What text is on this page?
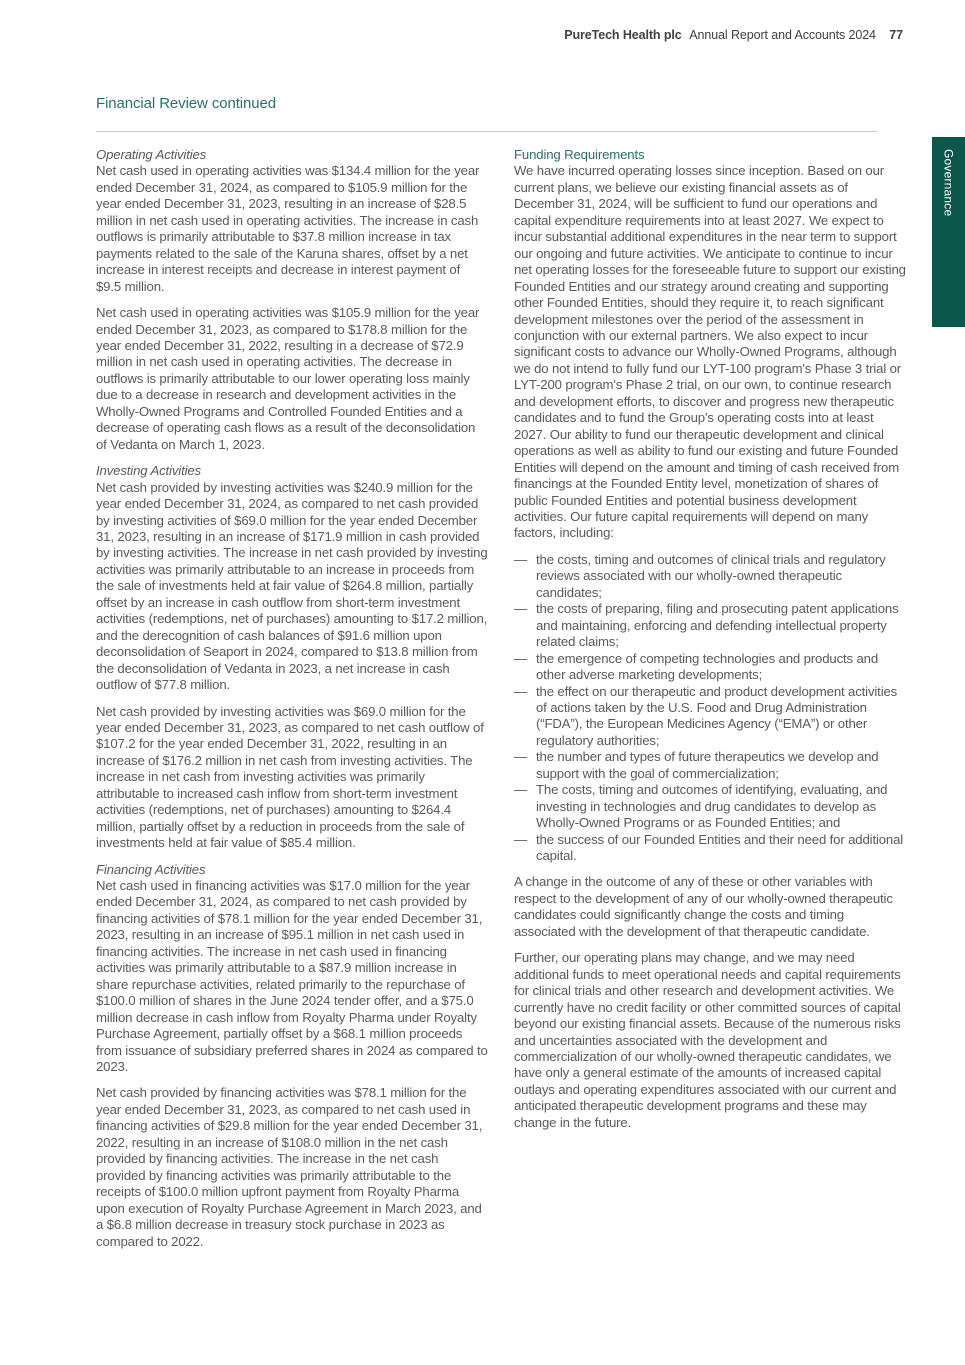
PureTech Health plc Annual Report and Accounts 2024 77
Governance
Financial Review continued
Operating Activities

Net cash used in operating activities was $134.4 million for the year ended December 31, 2024, as compared to $105.9 million for the year ended December 31, 2023, resulting in an increase of $28.5 million in net cash used in operating activities. The increase in cash outflows is primarily attributable to $37.8 million increase in tax payments related to the sale of the Karuna shares, offset by a net increase in interest receipts and decrease in interest payment of $9.5 million.

Net cash used in operating activities was $105.9 million for the year ended December 31, 2023, as compared to $178.8 million for the year ended December 31, 2022, resulting in a decrease of $72.9 million in net cash used in operating activities. The decrease in outflows is primarily attributable to our lower operating loss mainly due to a decrease in research and development activities in the Wholly-Owned Programs and Controlled Founded Entities and a decrease of operating cash flows as a result of the deconsolidation of Vedanta on March 1, 2023.

Investing Activities

Net cash provided by investing activities was $240.9 million for the year ended December 31, 2024, as compared to net cash provided by investing activities of $69.0 million for the year ended December 31, 2023, resulting in an increase of $171.9 million in cash provided by investing activities. The increase in net cash provided by investing activities was primarily attributable to an increase in proceeds from the sale of investments held at fair value of $264.8 million, partially offset by an increase in cash outflow from short-term investment activities (redemptions, net of purchases) amounting to $17.2 million, and the derecognition of cash balances of $91.6 million upon deconsolidation of Seaport in 2024, compared to $13.8 million from the deconsolidation of Vedanta in 2023, a net increase in cash outflow of $77.8 million.

Net cash provided by investing activities was $69.0 million for the year ended December 31, 2023, as compared to net cash outflow of $107.2 for the year ended December 31, 2022, resulting in an increase of $176.2 million in net cash from investing activities. The increase in net cash from investing activities was primarily attributable to increased cash inflow from short-term investment activities (redemptions, net of purchases) amounting to $264.4 million, partially offset by a reduction in proceeds from the sale of investments held at fair value of $85.4 million.

Financing Activities

Net cash used in financing activities was $17.0 million for the year ended December 31, 2024, as compared to net cash provided by financing activities of $78.1 million for the year ended December 31, 2023, resulting in an increase of $95.1 million in net cash used in financing activities. The increase in net cash used in financing activities was primarily attributable to a $87.9 million increase in share repurchase activities, related primarily to the repurchase of $100.0 million of shares in the June 2024 tender offer, and a $75.0 million decrease in cash inflow from Royalty Pharma under Royalty Purchase Agreement, partially offset by a $68.1 million proceeds from issuance of subsidiary preferred shares in 2024 as compared to 2023.

Net cash provided by financing activities was $78.1 million for the year ended December 31, 2023, as compared to net cash used in financing activities of $29.8 million for the year ended December 31, 2022, resulting in an increase of $108.0 million in the net cash provided by financing activities. The increase in the net cash provided by financing activities was primarily attributable to the receipts of $100.0 million upfront payment from Royalty Pharma upon execution of Royalty Purchase Agreement in March 2023, and a $6.8 million decrease in treasury stock purchase in 2023 as compared to 2022.

Funding Requirements

We have incurred operating losses since inception. Based on our current plans, we believe our existing financial assets as of December 31, 2024, will be sufficient to fund our operations and capital expenditure requirements into at least 2027. We expect to incur substantial additional expenditures in the near term to support our ongoing and future activities. We anticipate to continue to incur net operating losses for the foreseeable future to support our existing Founded Entities and our strategy around creating and supporting other Founded Entities, should they require it, to reach significant development milestones over the period of the assessment in conjunction with our external partners. We also expect to incur significant costs to advance our Wholly-Owned Programs, although we do not intend to fully fund our LYT-100 program's Phase 3 trial or LYT-200 program's Phase 2 trial, on our own, to continue research and development efforts, to discover and progress new therapeutic candidates and to fund the Group's operating costs into at least 2027. Our ability to fund our therapeutic development and clinical operations as well as ability to fund our existing and future Founded Entities will depend on the amount and timing of cash received from financings at the Founded Entity level, monetization of shares of public Founded Entities and potential business development activities. Our future capital requirements will depend on many factors, including:

— the costs, timing and outcomes of clinical trials and regulatory reviews associated with our wholly-owned therapeutic candidates;
— the costs of preparing, filing and prosecuting patent applications and maintaining, enforcing and defending intellectual property related claims;
— the emergence of competing technologies and products and other adverse marketing developments;
— the effect on our therapeutic and product development activities of actions taken by the U.S. Food and Drug Administration (“FDA”), the European Medicines Agency (“EMA”) or other regulatory authorities;
— the number and types of future therapeutics we develop and support with the goal of commercialization;
— The costs, timing and outcomes of identifying, evaluating, and investing in technologies and drug candidates to develop as Wholly-Owned Programs or as Founded Entities; and
— the success of our Founded Entities and their need for additional capital.

A change in the outcome of any of these or other variables with respect to the development of any of our wholly-owned therapeutic candidates could significantly change the costs and timing associated with the development of that therapeutic candidate.

Further, our operating plans may change, and we may need additional funds to meet operational needs and capital requirements for clinical trials and other research and development activities. We currently have no credit facility or other committed sources of capital beyond our existing financial assets. Because of the numerous risks and uncertainties associated with the development and commercialization of our wholly-owned therapeutic candidates, we have only a general estimate of the amounts of increased capital outlays and operating expenditures associated with our current and anticipated therapeutic development programs and these may change in the future.
